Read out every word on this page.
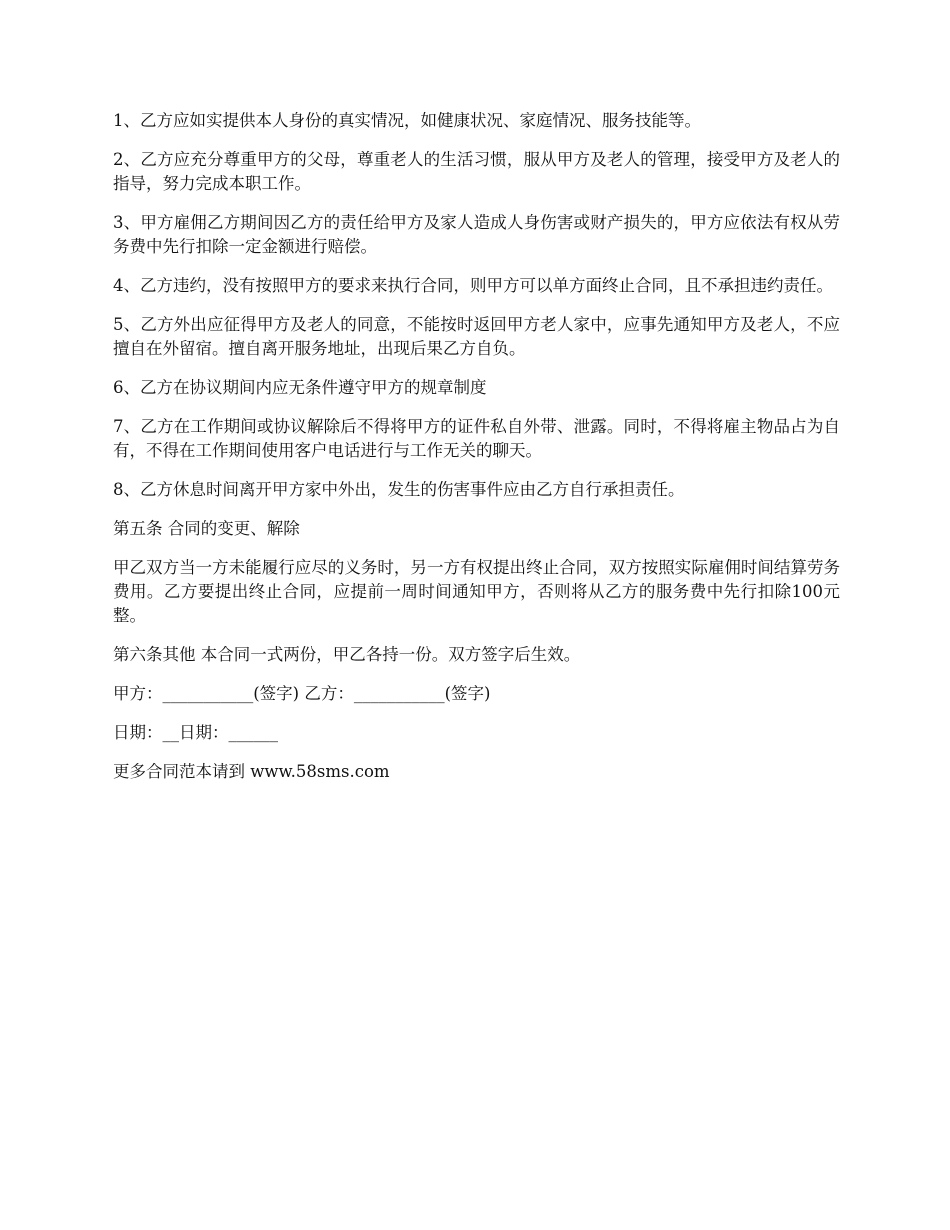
1、乙方应如实提供本人身份的真实情况，如健康状况、家庭情况、服务技能等。

2、乙方应充分尊重甲方的父母，尊重老人的生活习惯，服从甲方及老人的管理，接受甲方及老人的指导，努力完成本职工作。

3、甲方雇佣乙方期间因乙方的责任给甲方及家人造成人身伤害或财产损失的，甲方应依法有权从劳务费中先行扣除一定金额进行赔偿。

4、乙方违约，没有按照甲方的要求来执行合同，则甲方可以单方面终止合同，且不承担违约责任。

5、乙方外出应征得甲方及老人的同意，不能按时返回甲方老人家中，应事先通知甲方及老人，不应擅自在外留宿。擅自离开服务地址，出现后果乙方自负。

6、乙方在协议期间内应无条件遵守甲方的规章制度

7、乙方在工作期间或协议解除后不得将甲方的证件私自外带、泄露。同时，不得将雇主物品占为自有，不得在工作期间使用客户电话进行与工作无关的聊天。

8、乙方休息时间离开甲方家中外出，发生的伤害事件应由乙方自行承担责任。

第五条 合同的变更、解除

甲乙双方当一方未能履行应尽的义务时，另一方有权提出终止合同，双方按照实际雇佣时间结算劳务费用。乙方要提出终止合同，应提前一周时间通知甲方，否则将从乙方的服务费中先行扣除100元整。

第六条其他 本合同一式两份，甲乙各持一份。双方签字后生效。

甲方：___________(签字) 乙方：___________(签字)

日期：__日期：______

更多合同范本请到 www.58sms.com
